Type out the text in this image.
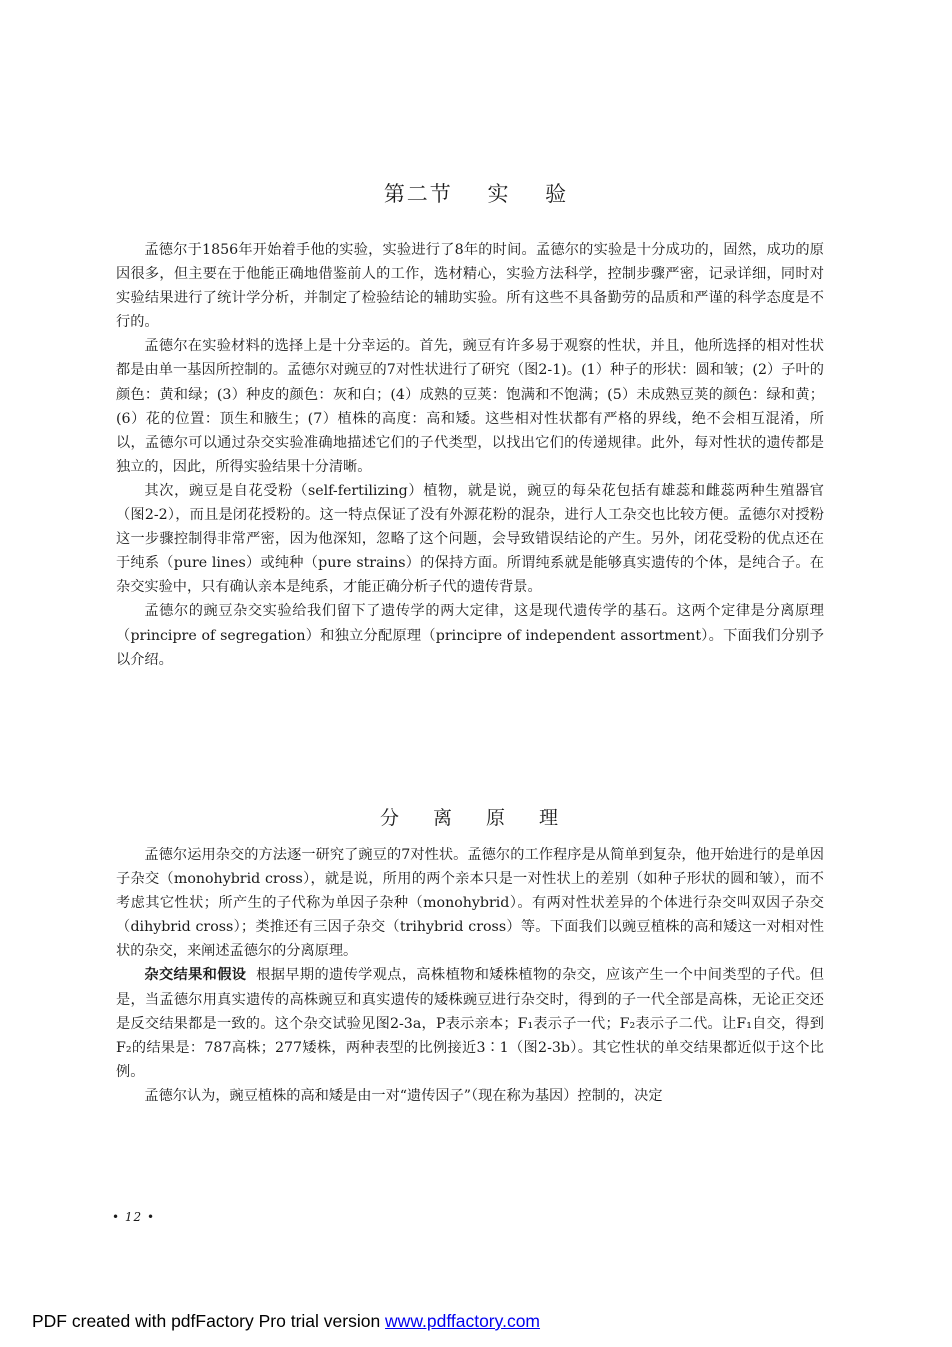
第二节 实 验

孟德尔于1856年开始着手他的实验，实验进行了8年的时间。孟德尔的实验是十分成功的，固然，成功的原因很多，但主要在于他能正确地借鉴前人的工作，选材精心，实验方法科学，控制步骤严密，记录详细，同时对实验结果进行了统计学分析，并制定了检验结论的辅助实验。所有这些不具备勤劳的品质和严谨的科学态度是不行的。

孟德尔在实验材料的选择上是十分幸运的。首先，豌豆有许多易于观察的性状，并且，他所选择的相对性状都是由单一基因所控制的。孟德尔对豌豆的7对性状进行了研究（图2-1)。(1）种子的形状：圆和皱；(2）子叶的颜色：黄和绿；(3）种皮的颜色：灰和白；(4）成熟的豆荚：饱满和不饱满；(5）未成熟豆荚的颜色：绿和黄；(6）花的位置：顶生和腋生；(7）植株的高度：高和矮。这些相对性状都有严格的界线，绝不会相互混淆，所以，孟德尔可以通过杂交实验准确地描述它们的子代类型，以找出它们的传递规律。此外，每对性状的遗传都是独立的，因此，所得实验结果十分清晰。

其次，豌豆是自花受粉（self-fertilizing）植物，就是说，豌豆的每朵花包括有雄蕊和雌蕊两种生殖器官（图2-2），而且是闭花授粉的。这一特点保证了没有外源花粉的混杂，进行人工杂交也比较方便。孟德尔对授粉这一步骤控制得非常严密，因为他深知，忽略了这个问题，会导致错误结论的产生。另外，闭花受粉的优点还在于纯系（pure lines）或纯种（pure strains）的保持方面。所谓纯系就是能够真实遗传的个体，是纯合子。在杂交实验中，只有确认亲本是纯系，才能正确分析子代的遗传背景。

孟德尔的豌豆杂交实验给我们留下了遗传学的两大定律，这是现代遗传学的基石。这两个定律是分离原理（principre of segregation）和独立分配原理（principre of independent assortment）。下面我们分别予以介绍。

分 离 原 理

孟德尔运用杂交的方法逐一研究了豌豆的7对性状。孟德尔的工作程序是从简单到复杂，他开始进行的是单因子杂交（monohybrid cross），就是说，所用的两个亲本只是一对性状上的差别（如种子形状的圆和皱），而不考虑其它性状；所产生的子代称为单因子杂种（monohybrid）。有两对性状差异的个体进行杂交叫双因子杂交（dihybrid cross）；类推还有三因子杂交（trihybrid cross）等。下面我们以豌豆植株的高和矮这一对相对性状的杂交，来阐述孟德尔的分离原理。

杂交结果和假设 根据早期的遗传学观点，高株植物和矮株植物的杂交，应该产生一个中间类型的子代。但是，当孟德尔用真实遗传的高株豌豆和真实遗传的矮株豌豆进行杂交时，得到的子一代全部是高株，无论正交还是反交结果都是一致的。这个杂交试验见图2-3a，P表示亲本；F₁表示子一代；F₂表示子二代。让F₁自交，得到F₂的结果是：787高株；277矮株，两种表型的比例接近3∶1（图2-3b）。其它性状的单交结果都近似于这个比例。

孟德尔认为，豌豆植株的高和矮是由一对“遗传因子”（现在称为基因）控制的，决定

• 12 •

PDF created with pdfFactory Pro trial version www.pdffactory.com
